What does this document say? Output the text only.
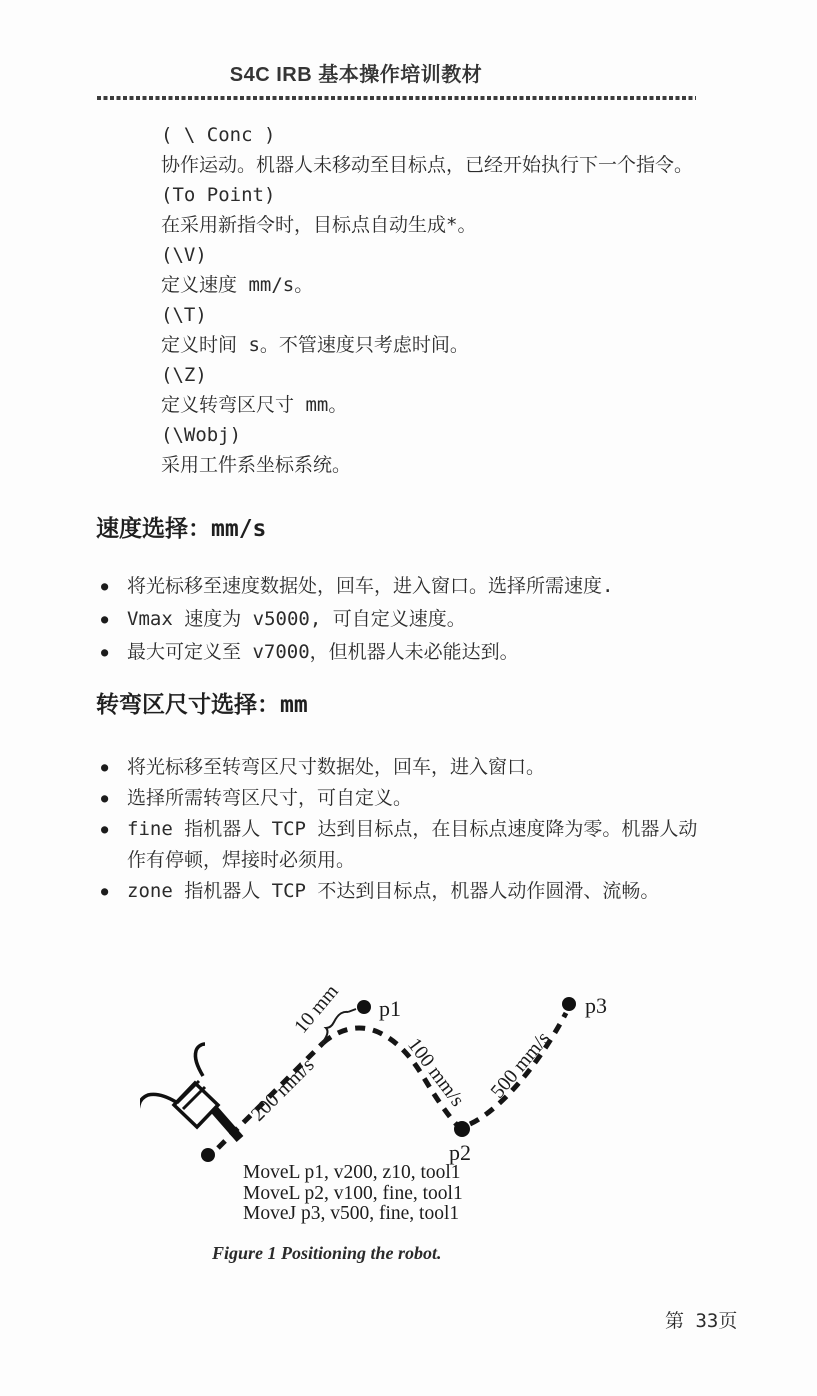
S4C IRB 基本操作培训教材
( \ Conc )
协作运动。机器人未移动至目标点，已经开始执行下一个指令。
(To Point)
在采用新指令时，目标点自动生成*。
(\V)
定义速度 mm/s。
(\T)
定义时间 s。不管速度只考虑时间。
(\Z)
定义转弯区尺寸 mm。
(\Wobj)
采用工件系坐标系统。
速度选择：mm/s
● 将光标移至速度数据处，回车，进入窗口。选择所需速度.
● Vmax 速度为 v5000, 可自定义速度。
● 最大可定义至 v7000，但机器人未必能达到。
转弯区尺寸选择：mm
● 将光标移至转弯区尺寸数据处，回车，进入窗口。
● 选择所需转弯区尺寸，可自定义。
● fine 指机器人 TCP 达到目标点，在目标点速度降为零。机器人动作有停顿，焊接时必须用。
● zone 指机器人 TCP 不达到目标点，机器人动作圆滑、流畅。
p1
p2
p3
10 mm
200 mm/s	100 mm/s 500 mm/s
MoveL p1, v200, z10, tool1
MoveL p2, v100, fine, tool1
MoveJ p3, v500, fine, tool1
Figure 1 Positioning the robot.
第 33页
